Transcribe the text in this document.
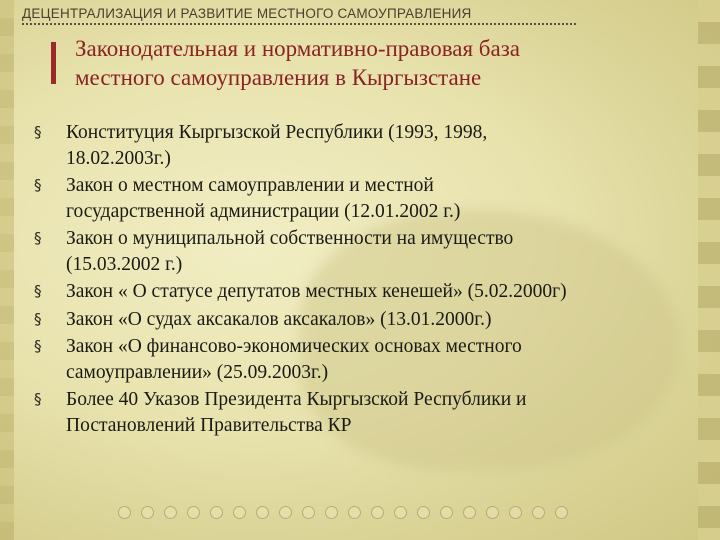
ДЕЦЕНТРАЛИЗАЦИЯ И РАЗВИТИЕ МЕСТНОГО САМОУПРАВЛЕНИЯ
Законодательная и нормативно-правовая база
местного самоуправления в Кыргызстане
§ Конституция Кыргызской Республики (1993, 1998,
18.02.2003г.)
§ Закон о местном самоуправлении и местной
государственной администрации (12.01.2002 г.)
§ Закон о муниципальной собственности на имущество
(15.03.2002 г.)
§ Закон « О статусе депутатов местных кенешей» (5.02.2000г)
§ Закон «О судах аксакалов аксакалов» (13.01.2000г.)
§ Закон «О финансово-экономических основах местного
самоуправлении» (25.09.2003г.)
§ Более 40 Указов Президента Кыргызской Республики и
Постановлений Правительства КР
